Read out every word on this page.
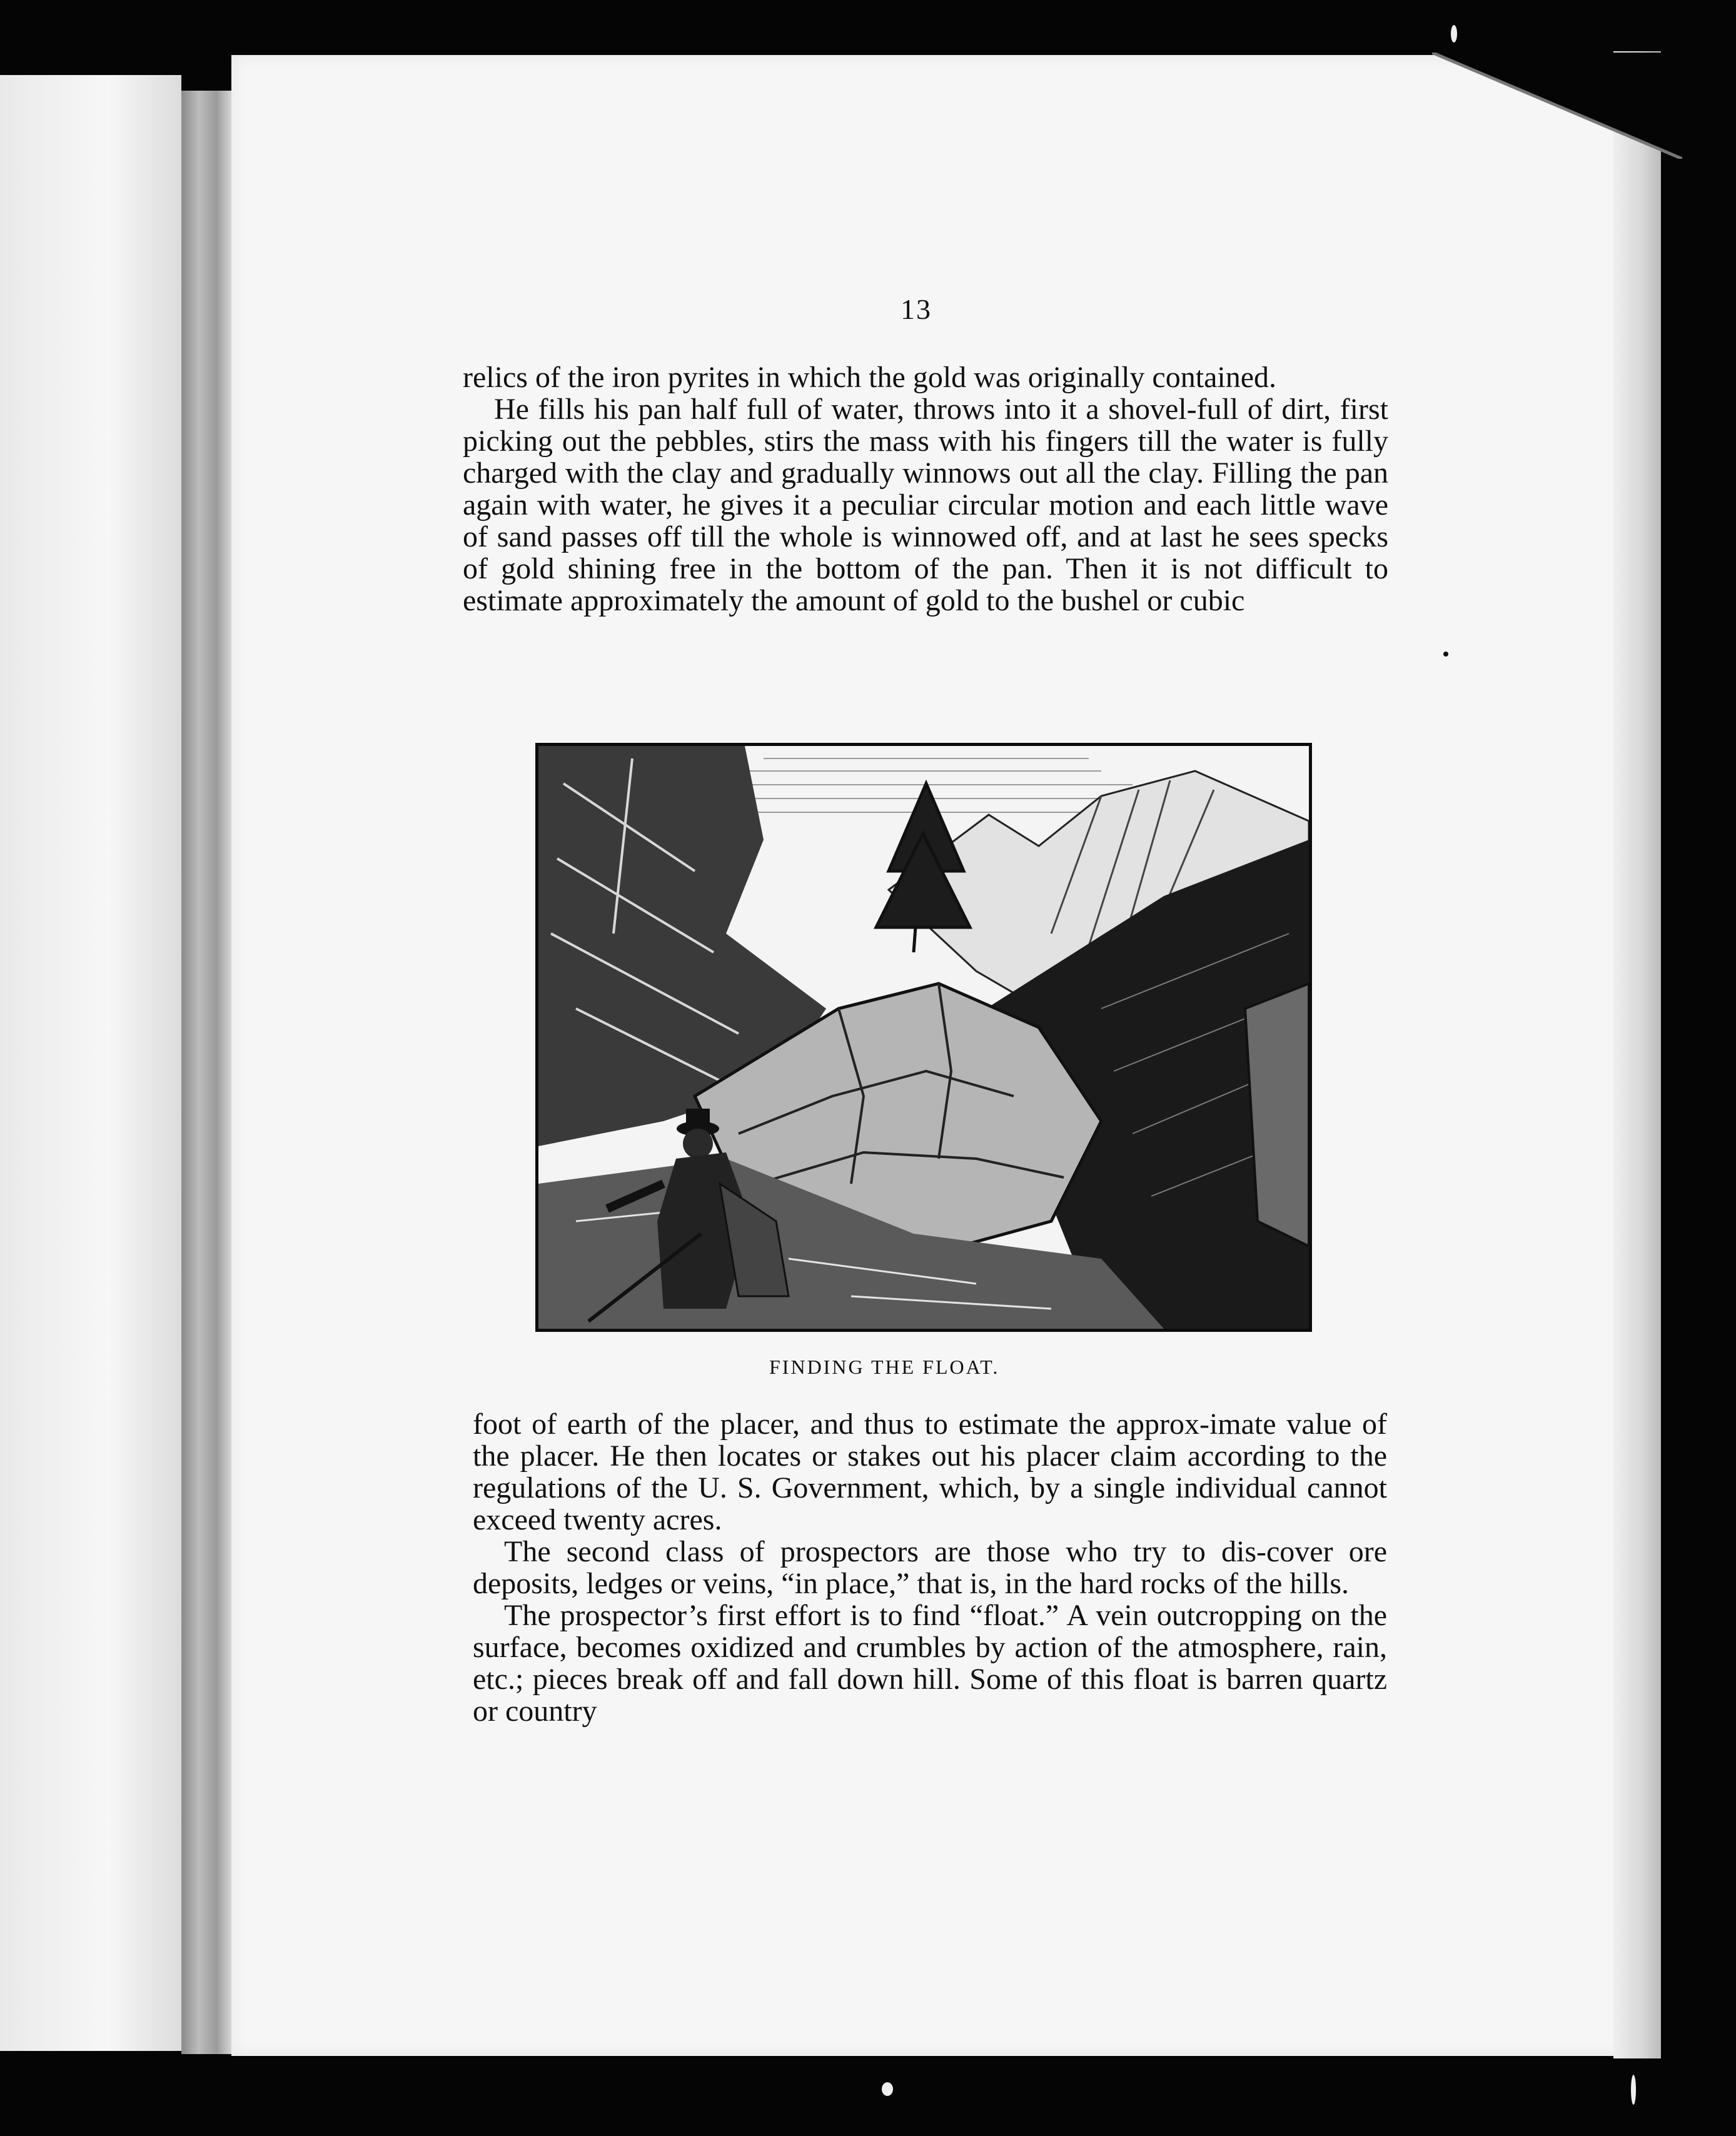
13

relics of the iron pyrites in which the gold was originally contained.

He fills his pan half full of water, throws into it a shovel-full of dirt, first picking out the pebbles, stirs the mass with his fingers till the water is fully charged with the clay and gradually winnows out all the clay. Filling the pan again with water, he gives it a peculiar circular motion and each little wave of sand passes off till the whole is winnowed off, and at last he sees specks of gold shining free in the bottom of the pan. Then it is not difficult to estimate approximately the amount of gold to the bushel or cubic

FINDING THE FLOAT.

foot of earth of the placer, and thus to estimate the approx-imate value of the placer. He then locates or stakes out his placer claim according to the regulations of the U. S. Government, which, by a single individual cannot exceed twenty acres.

The second class of prospectors are those who try to dis-cover ore deposits, ledges or veins, “in place,” that is, in the hard rocks of the hills.

The prospector’s first effort is to find “float.” A vein outcropping on the surface, becomes oxidized and crumbles by action of the atmosphere, rain, etc.; pieces break off and fall down hill. Some of this float is barren quartz or country
